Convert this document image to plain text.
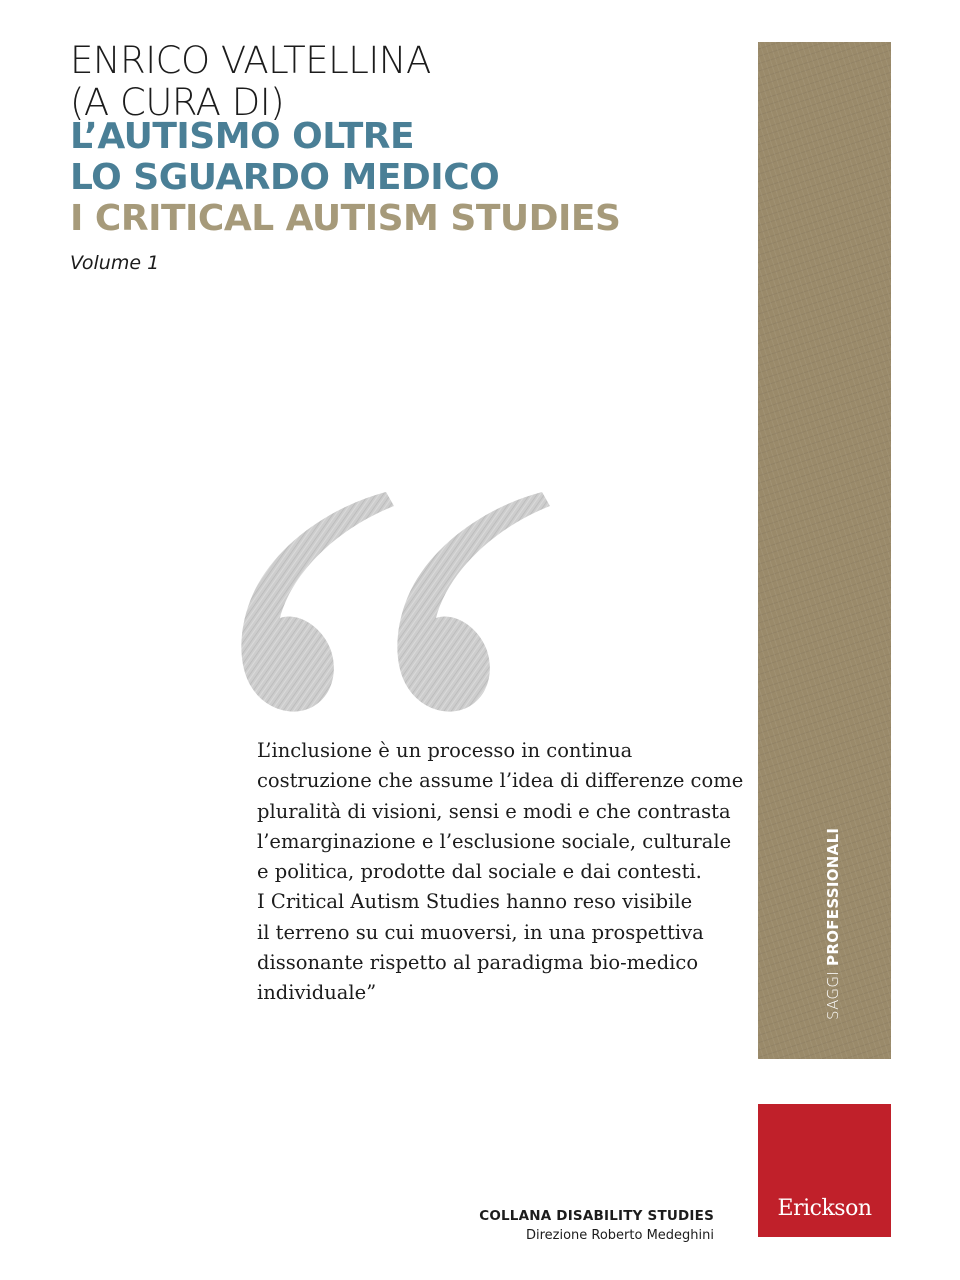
ENRICO VALTELLINA
(A CURA DI)
L’AUTISMO OLTRE
LO SGUARDO MEDICO
I CRITICAL AUTISM STUDIES

Volume 1

SAGGI PROFESSIONALI

L’inclusione è un processo in continua
costruzione che assume l’idea di differenze come
pluralità di visioni, sensi e modi e che contrasta
l’emarginazione e l’esclusione sociale, culturale
e politica, prodotte dal sociale e dai contesti.
I Critical Autism Studies hanno reso visibile
il terreno su cui muoversi, in una prospettiva
dissonante rispetto al paradigma bio-medico
individuale”

COLLANA DISABILITY STUDIES
Direzione Roberto Medeghini
Erickson
